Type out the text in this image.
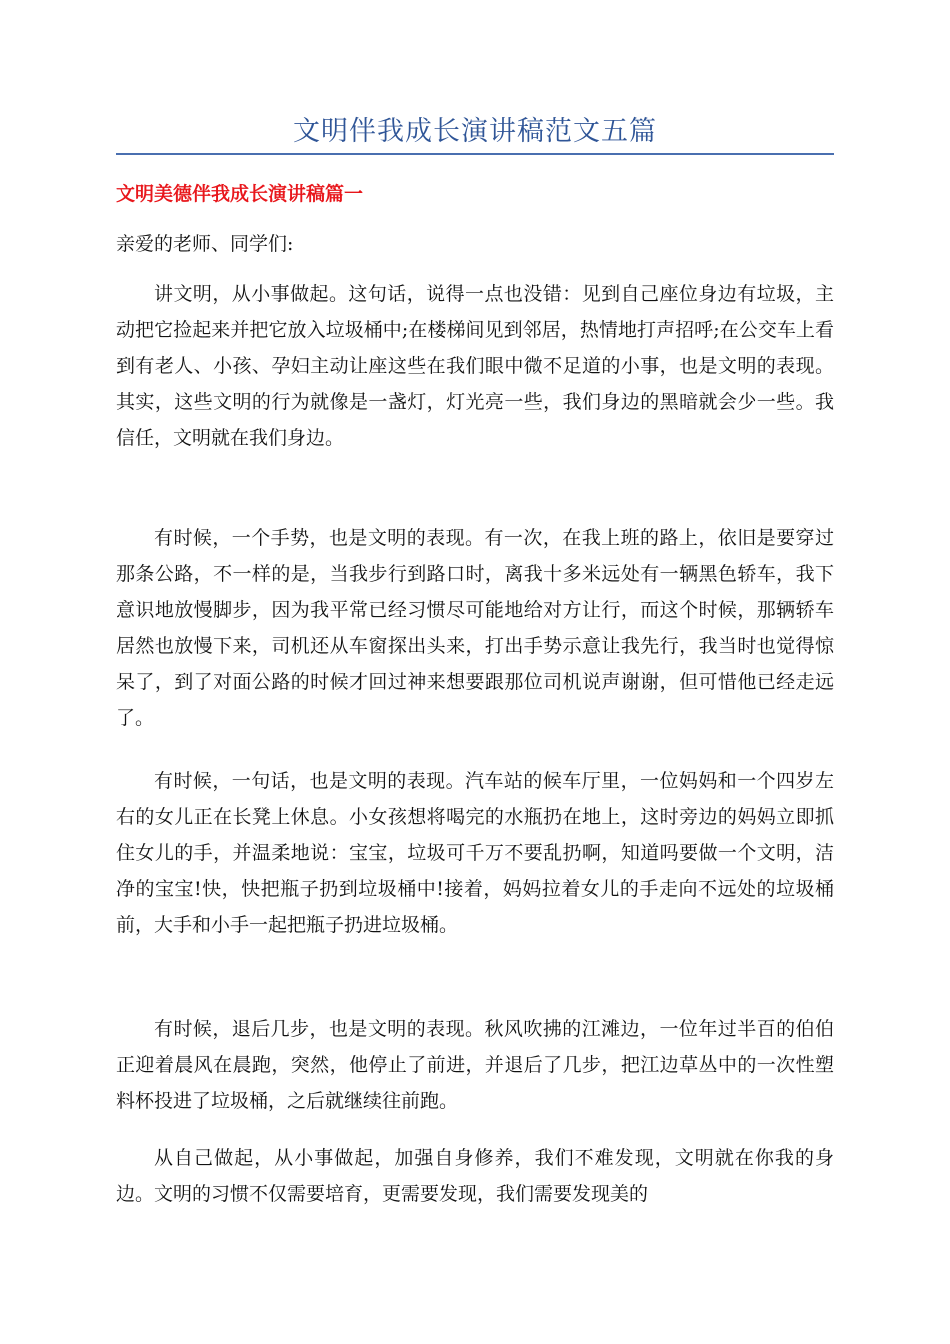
文明伴我成长演讲稿范文五篇
文明美德伴我成长演讲稿篇一

亲爱的老师、同学们:

讲文明，从小事做起。这句话，说得一点也没错：见到自己座位身边有垃圾，主动把它捡起来并把它放入垃圾桶中;在楼梯间见到邻居，热情地打声招呼;在公交车上看到有老人、小孩、孕妇主动让座这些在我们眼中微不足道的小事，也是文明的表现。其实，这些文明的行为就像是一盏灯，灯光亮一些，我们身边的黑暗就会少一些。我信任，文明就在我们身边。

有时候，一个手势，也是文明的表现。有一次，在我上班的路上，依旧是要穿过那条公路，不一样的是，当我步行到路口时，离我十多米远处有一辆黑色轿车，我下意识地放慢脚步，因为我平常已经习惯尽可能地给对方让行，而这个时候，那辆轿车居然也放慢下来，司机还从车窗探出头来，打出手势示意让我先行，我当时也觉得惊呆了，到了对面公路的时候才回过神来想要跟那位司机说声谢谢，但可惜他已经走远了。

有时候，一句话，也是文明的表现。汽车站的候车厅里，一位妈妈和一个四岁左右的女儿正在长凳上休息。小女孩想将喝完的水瓶扔在地上，这时旁边的妈妈立即抓住女儿的手，并温柔地说：宝宝，垃圾可千万不要乱扔啊，知道吗要做一个文明，洁净的宝宝!快，快把瓶子扔到垃圾桶中!接着，妈妈拉着女儿的手走向不远处的垃圾桶前，大手和小手一起把瓶子扔进垃圾桶。

有时候，退后几步，也是文明的表现。秋风吹拂的江滩边，一位年过半百的伯伯正迎着晨风在晨跑，突然，他停止了前进，并退后了几步，把江边草丛中的一次性塑料杯投进了垃圾桶，之后就继续往前跑。

从自己做起，从小事做起，加强自身修养，我们不难发现，文明就在你我的身边。文明的习惯不仅需要培育，更需要发现，我们需要发现美的
